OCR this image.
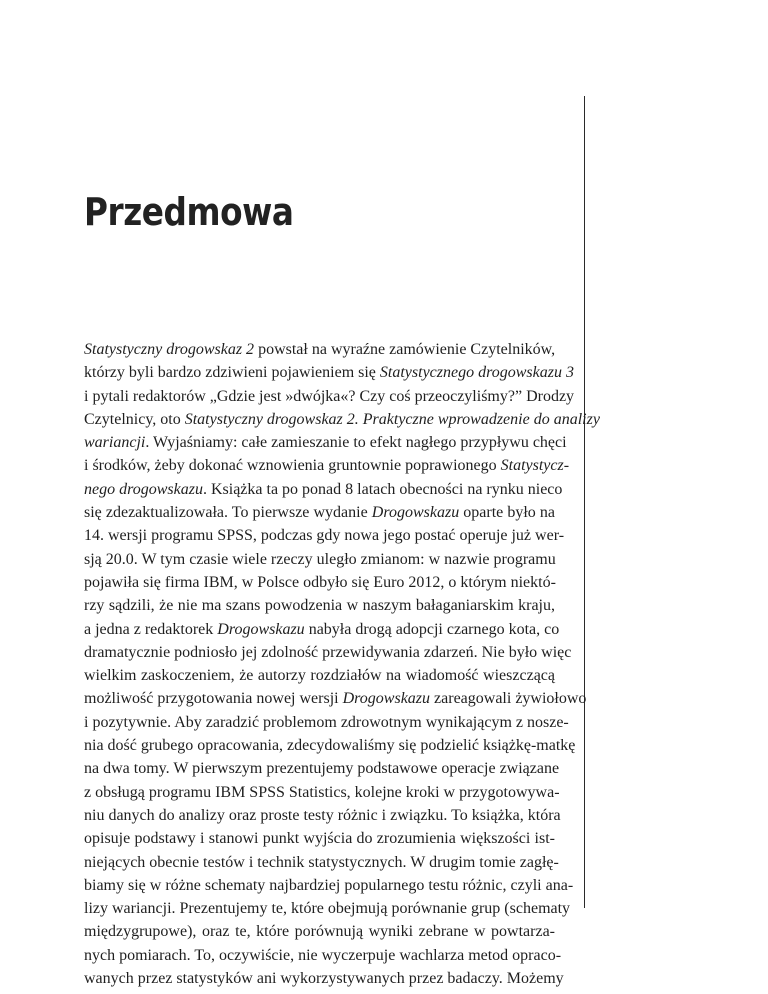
Przedmowa
Statystyczny drogowskaz 2 powstał na wyraźne zamówienie Czytelników,
którzy byli bardzo zdziwieni pojawieniem się Statystycznego drogowskazu 3
i pytali redaktorów „Gdzie jest »dwójka«? Czy coś przeoczyliśmy?” Drodzy
Czytelnicy, oto Statystyczny drogowskaz 2. Praktyczne wprowadzenie do analizy
wariancji. Wyjaśniamy: całe zamieszanie to efekt nagłego przypływu chęci
i środków, żeby dokonać wznowienia gruntownie poprawionego Statystycz-
nego drogowskazu. Książka ta po ponad 8 latach obecności na rynku nieco
się zdezaktualizowała. To pierwsze wydanie Drogowskazu oparte było na
14. wersji programu SPSS, podczas gdy nowa jego postać operuje już wer-
sją 20.0. W tym czasie wiele rzeczy uległo zmianom: w nazwie programu
pojawiła się firma IBM, w Polsce odbyło się Euro 2012, o którym niektó-
rzy sądzili, że nie ma szans powodzenia w naszym bałaganiarskim kraju,
a jedna z redaktorek Drogowskazu nabyła drogą adopcji czarnego kota, co
dramatycznie podniosło jej zdolność przewidywania zdarzeń. Nie było więc
wielkim zaskoczeniem, że autorzy rozdziałów na wiadomość wieszczącą
możliwość przygotowania nowej wersji Drogowskazu zareagowali żywiołowo
i pozytywnie. Aby zaradzić problemom zdrowotnym wynikającym z nosze-
nia dość grubego opracowania, zdecydowaliśmy się podzielić książkę-matkę
na dwa tomy. W pierwszym prezentujemy podstawowe operacje związane
z obsługą programu IBM SPSS Statistics, kolejne kroki w przygotowywa-
niu danych do analizy oraz proste testy różnic i związku. To książka, która
opisuje podstawy i stanowi punkt wyjścia do zrozumienia większości ist-
niejących obecnie testów i technik statystycznych. W drugim tomie zagłę-
biamy się w różne schematy najbardziej popularnego testu różnic, czyli ana-
lizy wariancji. Prezentujemy te, które obejmują porównanie grup (schematy
międzygrupowe), oraz te, które porównują wyniki zebrane w powtarza-
nych pomiarach. To, oczywiście, nie wyczerpuje wachlarza metod opraco-
wanych przez statystyków ani wykorzystywanych przez badaczy. Możemy
